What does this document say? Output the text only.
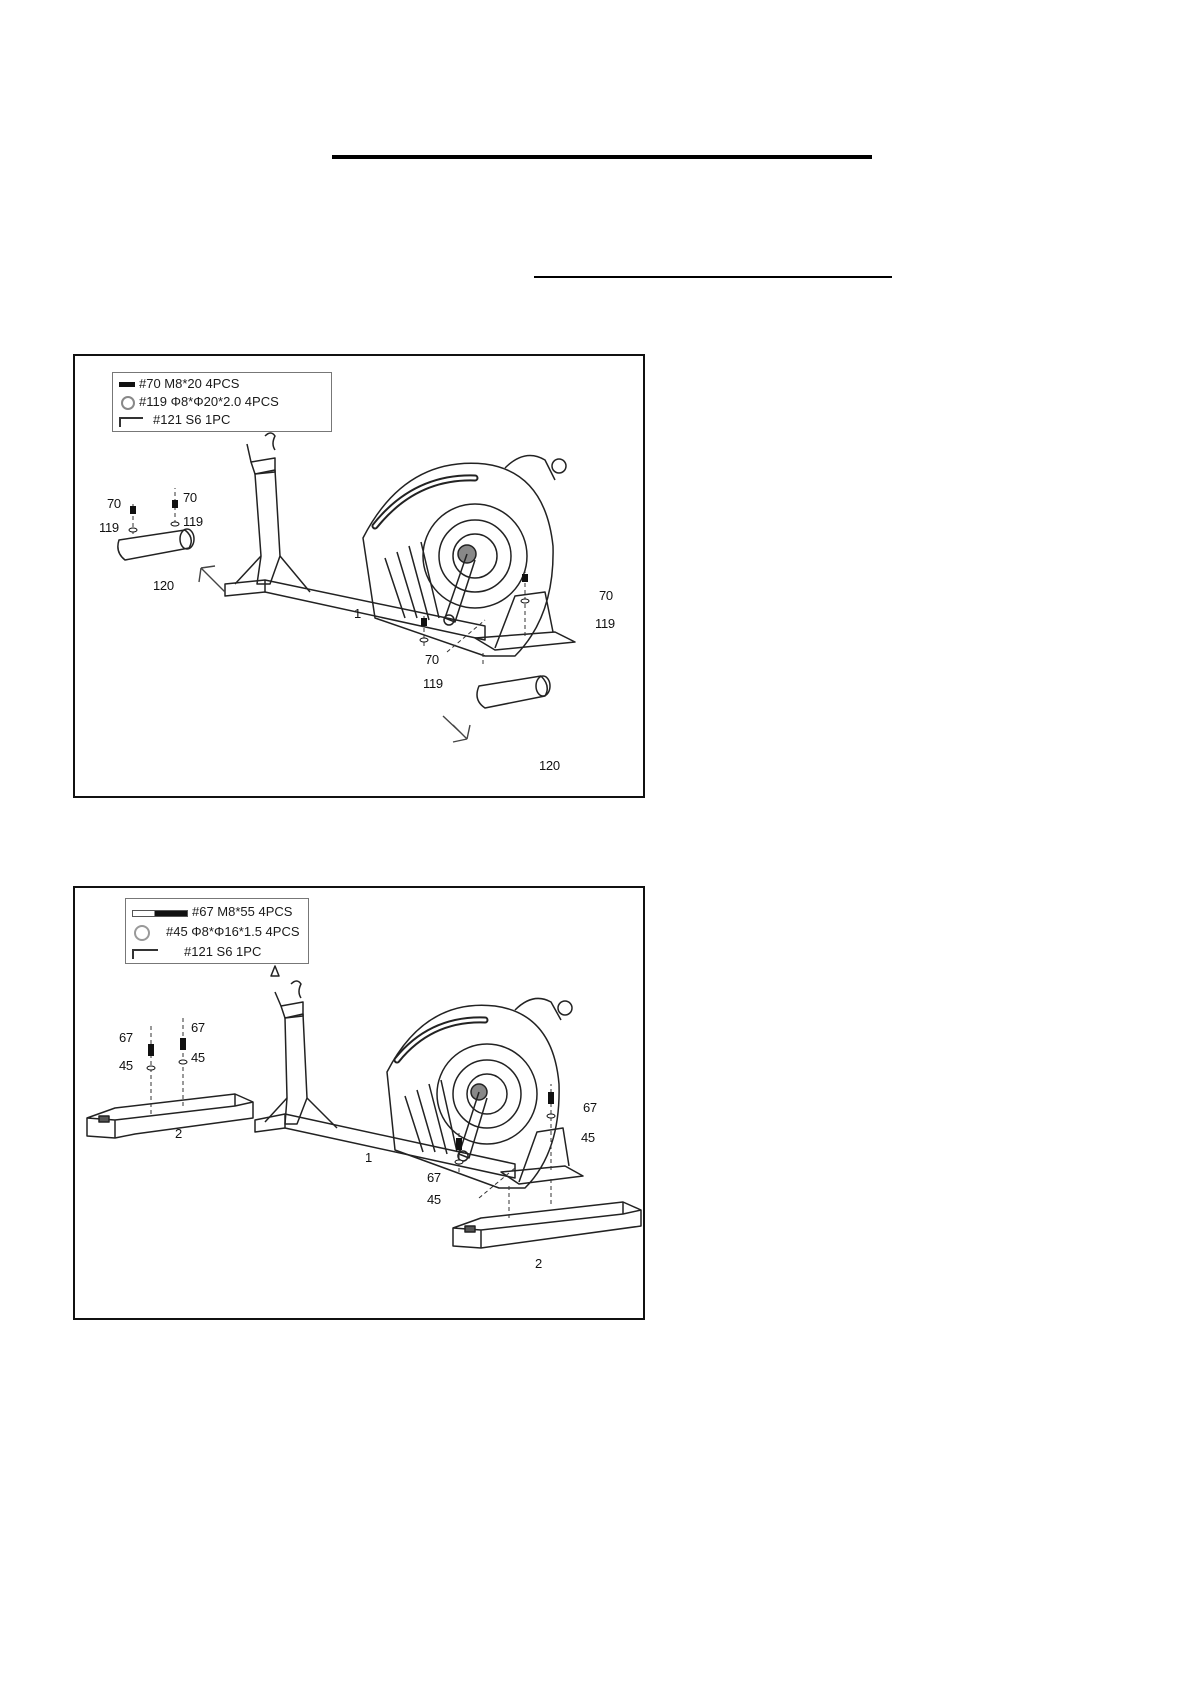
#70 M8*20 4PCS
#119 Φ8*Φ20*2.0 4PCS
#121 S6 1PC
70
119
70
119
120
1
70
119
70
119
120
#67 M8*55 4PCS
#45 Φ8*Φ16*1.5 4PCS
#121 S6 1PC
67
45
67
45
2
1
67
45
67
45
2
